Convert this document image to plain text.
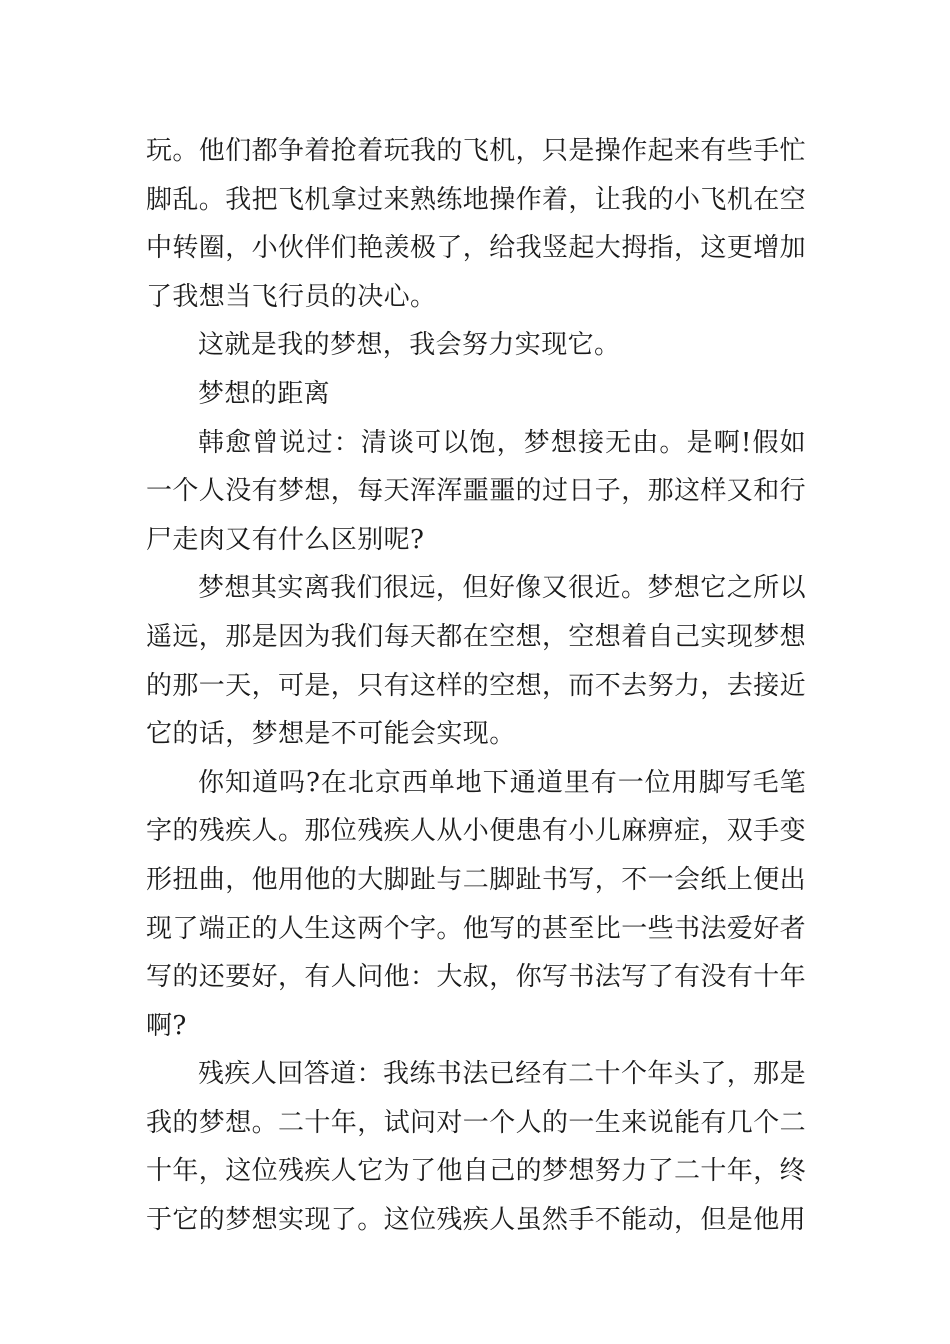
玩。他们都争着抢着玩我的飞机，只是操作起来有些手忙脚乱。我把飞机拿过来熟练地操作着，让我的小飞机在空中转圈，小伙伴们艳羡极了，给我竖起大拇指，这更增加了我想当飞行员的决心。

这就是我的梦想，我会努力实现它。

梦想的距离

韩愈曾说过：清谈可以饱，梦想接无由。是啊!假如一个人没有梦想，每天浑浑噩噩的过日子，那这样又和行尸走肉又有什么区别呢?

梦想其实离我们很远，但好像又很近。梦想它之所以遥远，那是因为我们每天都在空想，空想着自己实现梦想的那一天，可是，只有这样的空想，而不去努力，去接近它的话，梦想是不可能会实现。

你知道吗?在北京西单地下通道里有一位用脚写毛笔字的残疾人。那位残疾人从小便患有小儿麻痹症，双手变形扭曲，他用他的大脚趾与二脚趾书写，不一会纸上便出现了端正的人生这两个字。他写的甚至比一些书法爱好者写的还要好，有人问他：大叔，你写书法写了有没有十年啊?

残疾人回答道：我练书法已经有二十个年头了，那是我的梦想。二十年，试问对一个人的一生来说能有几个二十年，这位残疾人它为了他自己的梦想努力了二十年，终于它的梦想实现了。这位残疾人虽然手不能动，但是他用
